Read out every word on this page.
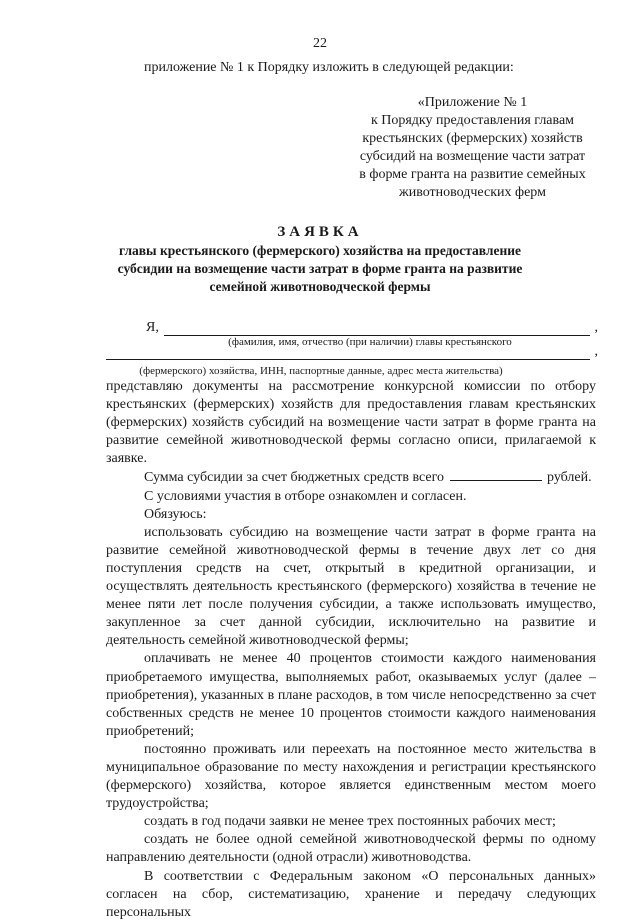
22
приложение № 1 к Порядку изложить в следующей редакции:
«Приложение № 1
к Порядку предоставления главам
крестьянских (фермерских) хозяйств
субсидий на возмещение части затрат
в форме гранта на развитие семейных
животноводческих ферм
ЗАЯВКА
главы крестьянского (фермерского) хозяйства на предоставление
субсидии на возмещение части затрат в форме гранта на развитие
семейной животноводческой фермы
Я,	,
(фамилия, имя, отчество (при наличии) главы крестьянского
,
(фермерского) хозяйства, ИНН, паспортные данные, адрес места жительства)

представляю документы на рассмотрение конкурсной комиссии по отбору крестьянских (фермерских) хозяйств для предоставления главам крестьянских (фермерских) хозяйств субсидий на возмещение части затрат в форме гранта на развитие семейной животноводческой фермы согласно описи, прилагаемой к заявке.

Сумма субсидии за счет бюджетных средств всего	рублей.

С условиями участия в отборе ознакомлен и согласен.

Обязуюсь:

использовать субсидию на возмещение части затрат в форме гранта на развитие семейной животноводческой фермы в течение двух лет со дня поступления средств на счет, открытый в кредитной организации, и осуществлять деятельность крестьянского (фермерского) хозяйства в течение не менее пяти лет после получения субсидии, а также использовать имущество, закупленное за счет данной субсидии, исключительно на развитие и деятельность семейной животноводческой фермы;

оплачивать не менее 40 процентов стоимости каждого наименования приобретаемого имущества, выполняемых работ, оказываемых услуг (далее – приобретения), указанных в плане расходов, в том числе непосредственно за счет собственных средств не менее 10 процентов стоимости каждого наименования приобретений;

постоянно проживать или переехать на постоянное место жительства в муниципальное образование по месту нахождения и регистрации крестьянского (фермерского) хозяйства, которое является единственным местом моего трудоустройства;

создать в год подачи заявки не менее трех постоянных рабочих мест;

создать не более одной семейной животноводческой фермы по одному направлению деятельности (одной отрасли) животноводства.

В соответствии с Федеральным законом «О персональных данных» согласен на сбор, систематизацию, хранение и передачу следующих персональных
